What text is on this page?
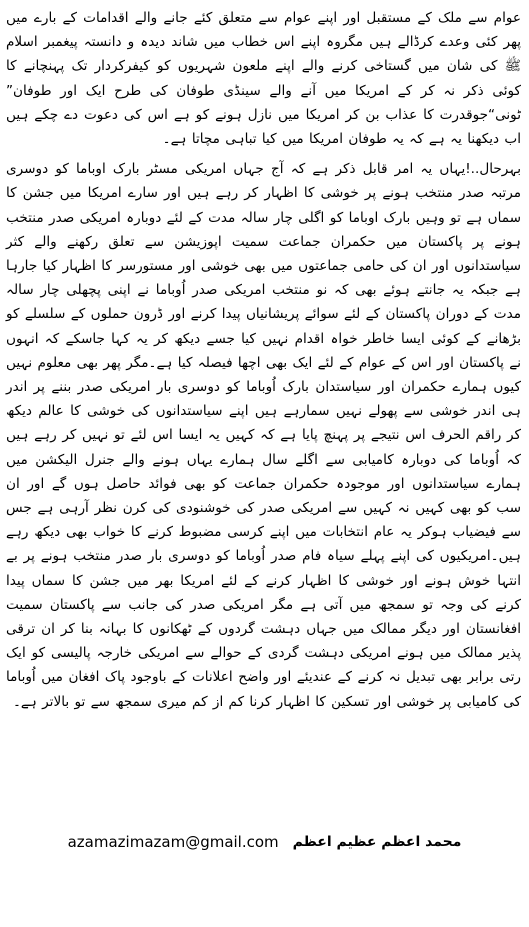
عوام سے ملک کے مستقبل اور اپنے عوام سے متعلق کئے جانے والے اقدامات کے بارے میں پھر کئی وعدے کرڈالے ہیں مگروہ اپنے اس خطاب میں شاند دیدہ و دانستہ پیغمبر اسلام ﷺ کی شان میں گستاخی کرنے والے اپنے ملعون شہریوں کو کیفرکردار تک پہنچانے کا کوئی ذکر نہ کر کے امریکا میں آنے والے سینڈی طوفان کی طرح ایک اور طوفان” ٹونی“جوقدرت کا عذاب بن کر امریکا میں نازل ہونے کو ہے اس کی دعوت دے چکے ہیں اب دیکھنا یہ ہے کہ یہ طوفان امریکا میں کیا تباہی مچاتا ہے۔

بہرحال..!یہاں یہ امر قابل ذکر ہے کہ آج جہاں امریکی مسٹر بارک اوباما کو دوسری مرتبہ صدر منتخب ہونے پر خوشی کا اظہار کر رہے ہیں اور سارے امریکا میں جشن کا سماں ہے تو وہیں بارک اوباما کو اگلی چار سالہ مدت کے لئے دوبارہ امریکی صدر منتخب ہونے پر پاکستان میں حکمران جماعت سمیت اپوزیشن سے تعلق رکھنے والے کثر سیاستدانوں اور ان کی حامی جماعتوں میں بھی خوشی اور مستورسر کا اظہار کیا جارہا ہے جبکہ یہ جانتے ہوئے بھی کہ نو منتخب امریکی صدر اُوباما نے اپنی پچھلی چار سالہ مدت کے دوران پاکستان کے لئے سوائے پریشانیاں پیدا کرنے اور ڈرون حملوں کے سلسلے کو بڑھانے کے کوئی ایسا خاطر خواہ اقدام نہیں کیا جسے دیکھ کر یہ کہا جاسکے کہ انہوں نے پاکستان اور اس کے عوام کے لئے ایک بھی اچھا فیصلہ کیا ہے۔مگر پھر بھی معلوم نہیں کیوں ہمارے حکمران اور سیاستدان بارک اُوباما کو دوسری بار امریکی صدر بننے پر اندر ہی اندر خوشی سے پھولے نہیں سمارہے ہیں اپنے سیاستدانوں کی خوشی کا عالم دیکھ کر راقم الحرف اس نتیجے پر پہنچ پایا ہے کہ کہیں یہ ایسا اس لئے تو نہیں کر رہے ہیں کہ اُوباما کی دوبارہ کامیابی سے اگلے سال ہمارے یہاں ہونے والے جنرل الیکشن میں ہمارے سیاستدانوں اور موجودہ حکمران جماعت کو بھی فوائد حاصل ہوں گے اور ان سب کو بھی کہیں نہ کہیں سے امریکی صدر کی خوشنودی کی کرن نظر آرہی ہے جس سے فیضیاب ہوکر یہ عام انتخابات میں اپنے کرسی مضبوط کرنے کا خواب بھی دیکھ رہے ہیں۔امریکیوں کی اپنے پہلے سیاہ فام صدر اُوباما کو دوسری بار صدر منتخب ہونے پر بے انتہا خوش ہونے اور خوشی کا اظہار کرنے کے لئے امریکا بھر میں جشن کا سماں پیدا کرنے کی وجہ تو سمجھ میں آتی ہے مگر امریکی صدر کی جانب سے پاکستان سمیت افغانستان اور دیگر ممالک میں جہاں دہشت گردوں کے ٹھکانوں کا بہانہ بنا کر ان ترقی پذیر ممالک میں ہونے امریکی دہشت گردی کے حوالے سے امریکی خارجہ پالیسی کو ایک رتی برابر بھی تبدیل نہ کرنے کے عندیئے اور واضح اعلانات کے باوجود پاک افغان میں اُوباما کی کامیابی پر خوشی اور تسکین کا اظہار کرنا کم از کم میری سمجھ سے تو بالاتر ہے۔

azamazimazam@gmail.com محمد اعظم عظیم اعظم
